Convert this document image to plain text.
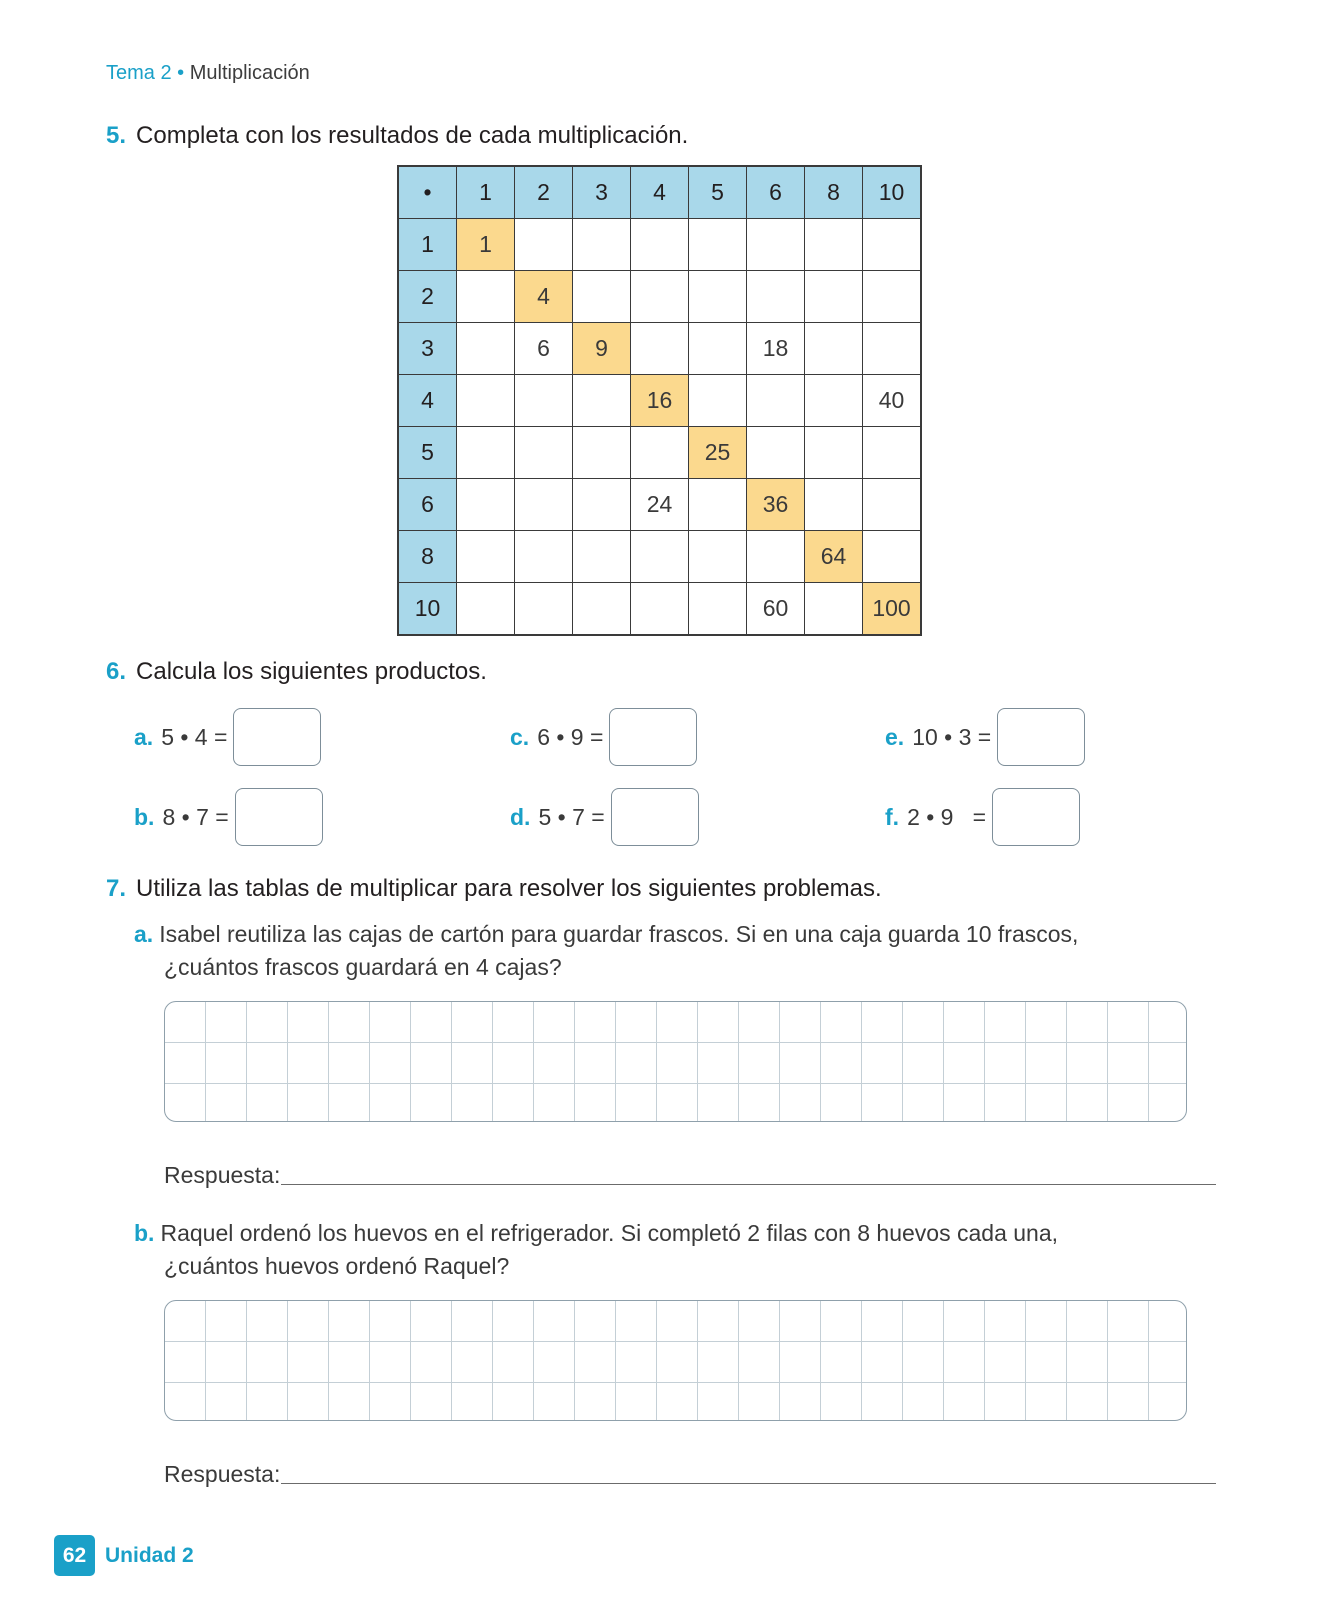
Tema 2 • Multiplicación
5. Completa con los resultados de cada multiplicación.
•	1	2	3	4	5	6	8	10
1	1							
2		4						
3		6	9			18		
4				16				40
5					25			
6				24		36		
8							64	
10						60		100
6. Calcula los siguientes productos.
a. 5 • 4 =
b. 8 • 7 =
c. 6 • 9 =
d. 5 • 7 =
e. 10 • 3 =
f. 2 • 9   =
7. Utiliza las tablas de multiplicar para resolver los siguientes problemas.
a. Isabel reutiliza las cajas de cartón para guardar frascos. Si en una caja guarda 10 frascos,
¿cuántos frascos guardará en 4 cajas?
Respuesta:
b. Raquel ordenó los huevos en el refrigerador. Si completó 2 filas con 8 huevos cada una,
¿cuántos huevos ordenó Raquel?
Respuesta:
62 Unidad 2
